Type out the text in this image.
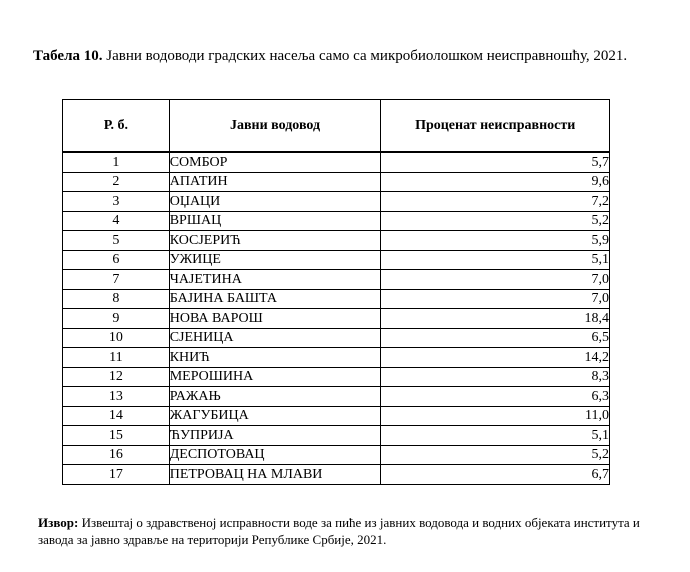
Табела 10. Јавни водоводи градских насеља само са микробиолошком неисправношћу, 2021.
Р. б.	Јавни водовод	Проценат неисправности
1	СОМБОР	5,7
2	АПАТИН	9,6
3	ОЏАЦИ	7,2
4	ВРШАЦ	5,2
5	КОСЈЕРИЋ	5,9
6	УЖИЦЕ	5,1
7	ЧАЈЕТИНА	7,0
8	БАЈИНА БАШТА	7,0
9	НОВА ВАРОШ	18,4
10	СЈЕНИЦА	6,5
11	КНИЋ	14,2
12	МЕРОШИНА	8,3
13	РАЖАЊ	6,3
14	ЖАГУБИЦА	11,0
15	ЋУПРИЈА	5,1
16	ДЕСПОТОВАЦ	5,2
17	ПЕТРОВАЦ НА МЛАВИ	6,7
Извор: Извештај о здравственој исправности воде за пиће из јавних водовода и водних објеката института и завода за јавно здравље на територији Републике Србије, 2021.
